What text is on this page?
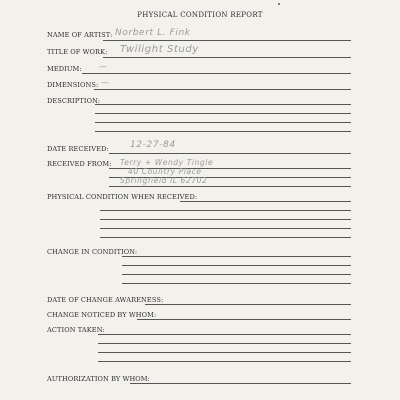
PHYSICAL CONDITION REPORT
NAME OF ARTIST: Norbert L. Fink
TITLE OF WORK: Twilight Study
MEDIUM: —
DIMENSIONS: —
DESCRIPTION:
DATE RECEIVED: 12-27-84
RECEIVED FROM: Terry + Wendy Tingle
40 Country Place
Springfield IL 62702
PHYSICAL CONDITION WHEN RECEIVED:
CHANGE IN CONDITION:
DATE OF CHANGE AWARENESS:
CHANGE NOTICED BY WHOM:
ACTION TAKEN:
AUTHORIZATION BY WHOM:
